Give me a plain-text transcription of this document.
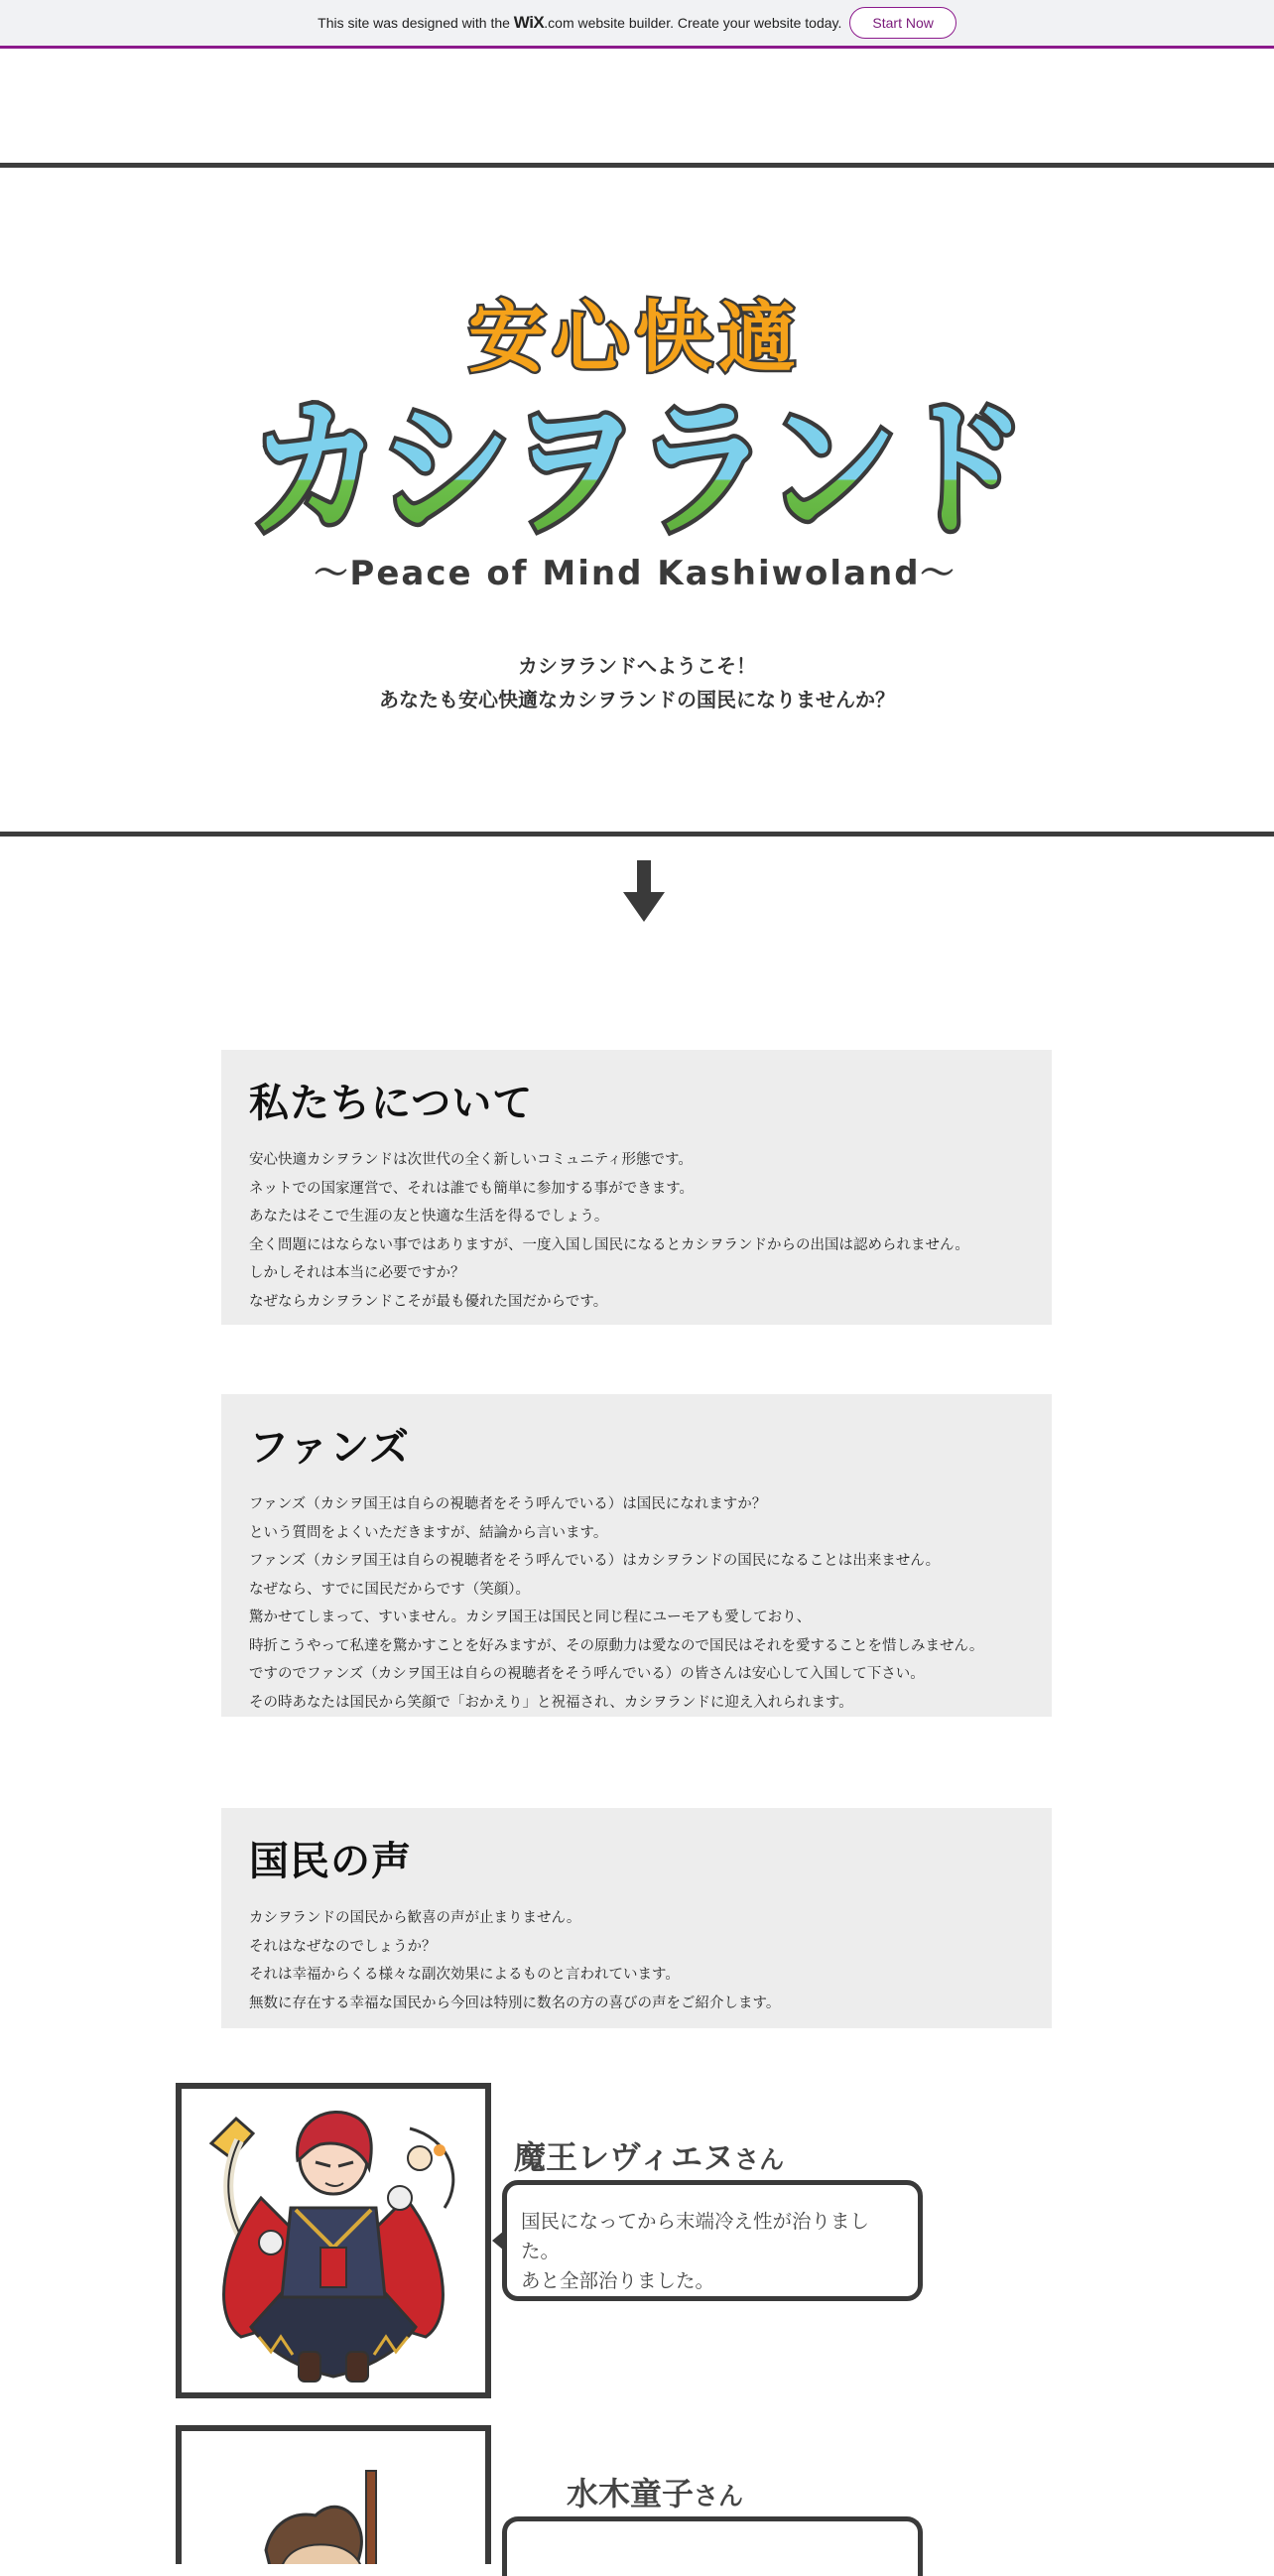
This site was designed with the WiX.com website builder. Create your website today.	Start Now
安心快適
カシヲランド
〜Peace of Mind Kashiwoland〜
カシヲランドへようこそ！
あなたも安心快適なカシヲランドの国民になりませんか？
私たちについて
安心快適カシヲランドは次世代の全く新しいコミュニティ形態です。
ネットでの国家運営で、それは誰でも簡単に参加する事ができます。
あなたはそこで生涯の友と快適な生活を得るでしょう。
全く問題にはならない事ではありますが、一度入国し国民になるとカシヲランドからの出国は認められません。
しかしそれは本当に必要ですか？
なぜならカシヲランドこそが最も優れた国だからです。
ファンズ
ファンズ（カシヲ国王は自らの視聴者をそう呼んでいる）は国民になれますか？
という質問をよくいただきますが、結論から言います。
ファンズ（カシヲ国王は自らの視聴者をそう呼んでいる）はカシヲランドの国民になることは出来ません。
なぜなら、すでに国民だからです（笑顔）。
驚かせてしまって、すいません。カシヲ国王は国民と同じ程にユーモアも愛しており、
時折こうやって私達を驚かすことを好みますが、その原動力は愛なので国民はそれを愛することを惜しみません。
ですのでファンズ（カシヲ国王は自らの視聴者をそう呼んでいる）の皆さんは安心して入国して下さい。
その時あなたは国民から笑顔で「おかえり」と祝福され、カシヲランドに迎え入れられます。
国民の声
カシヲランドの国民から歓喜の声が止まりません。
それはなぜなのでしょうか？
それは幸福からくる様々な副次効果によるものと言われています。
無数に存在する幸福な国民から今回は特別に数名の方の喜びの声をご紹介します。
魔王レヴィエヌさん
国民になってから末端冷え性が治りました。
あと全部治りました。
水木童子さん
